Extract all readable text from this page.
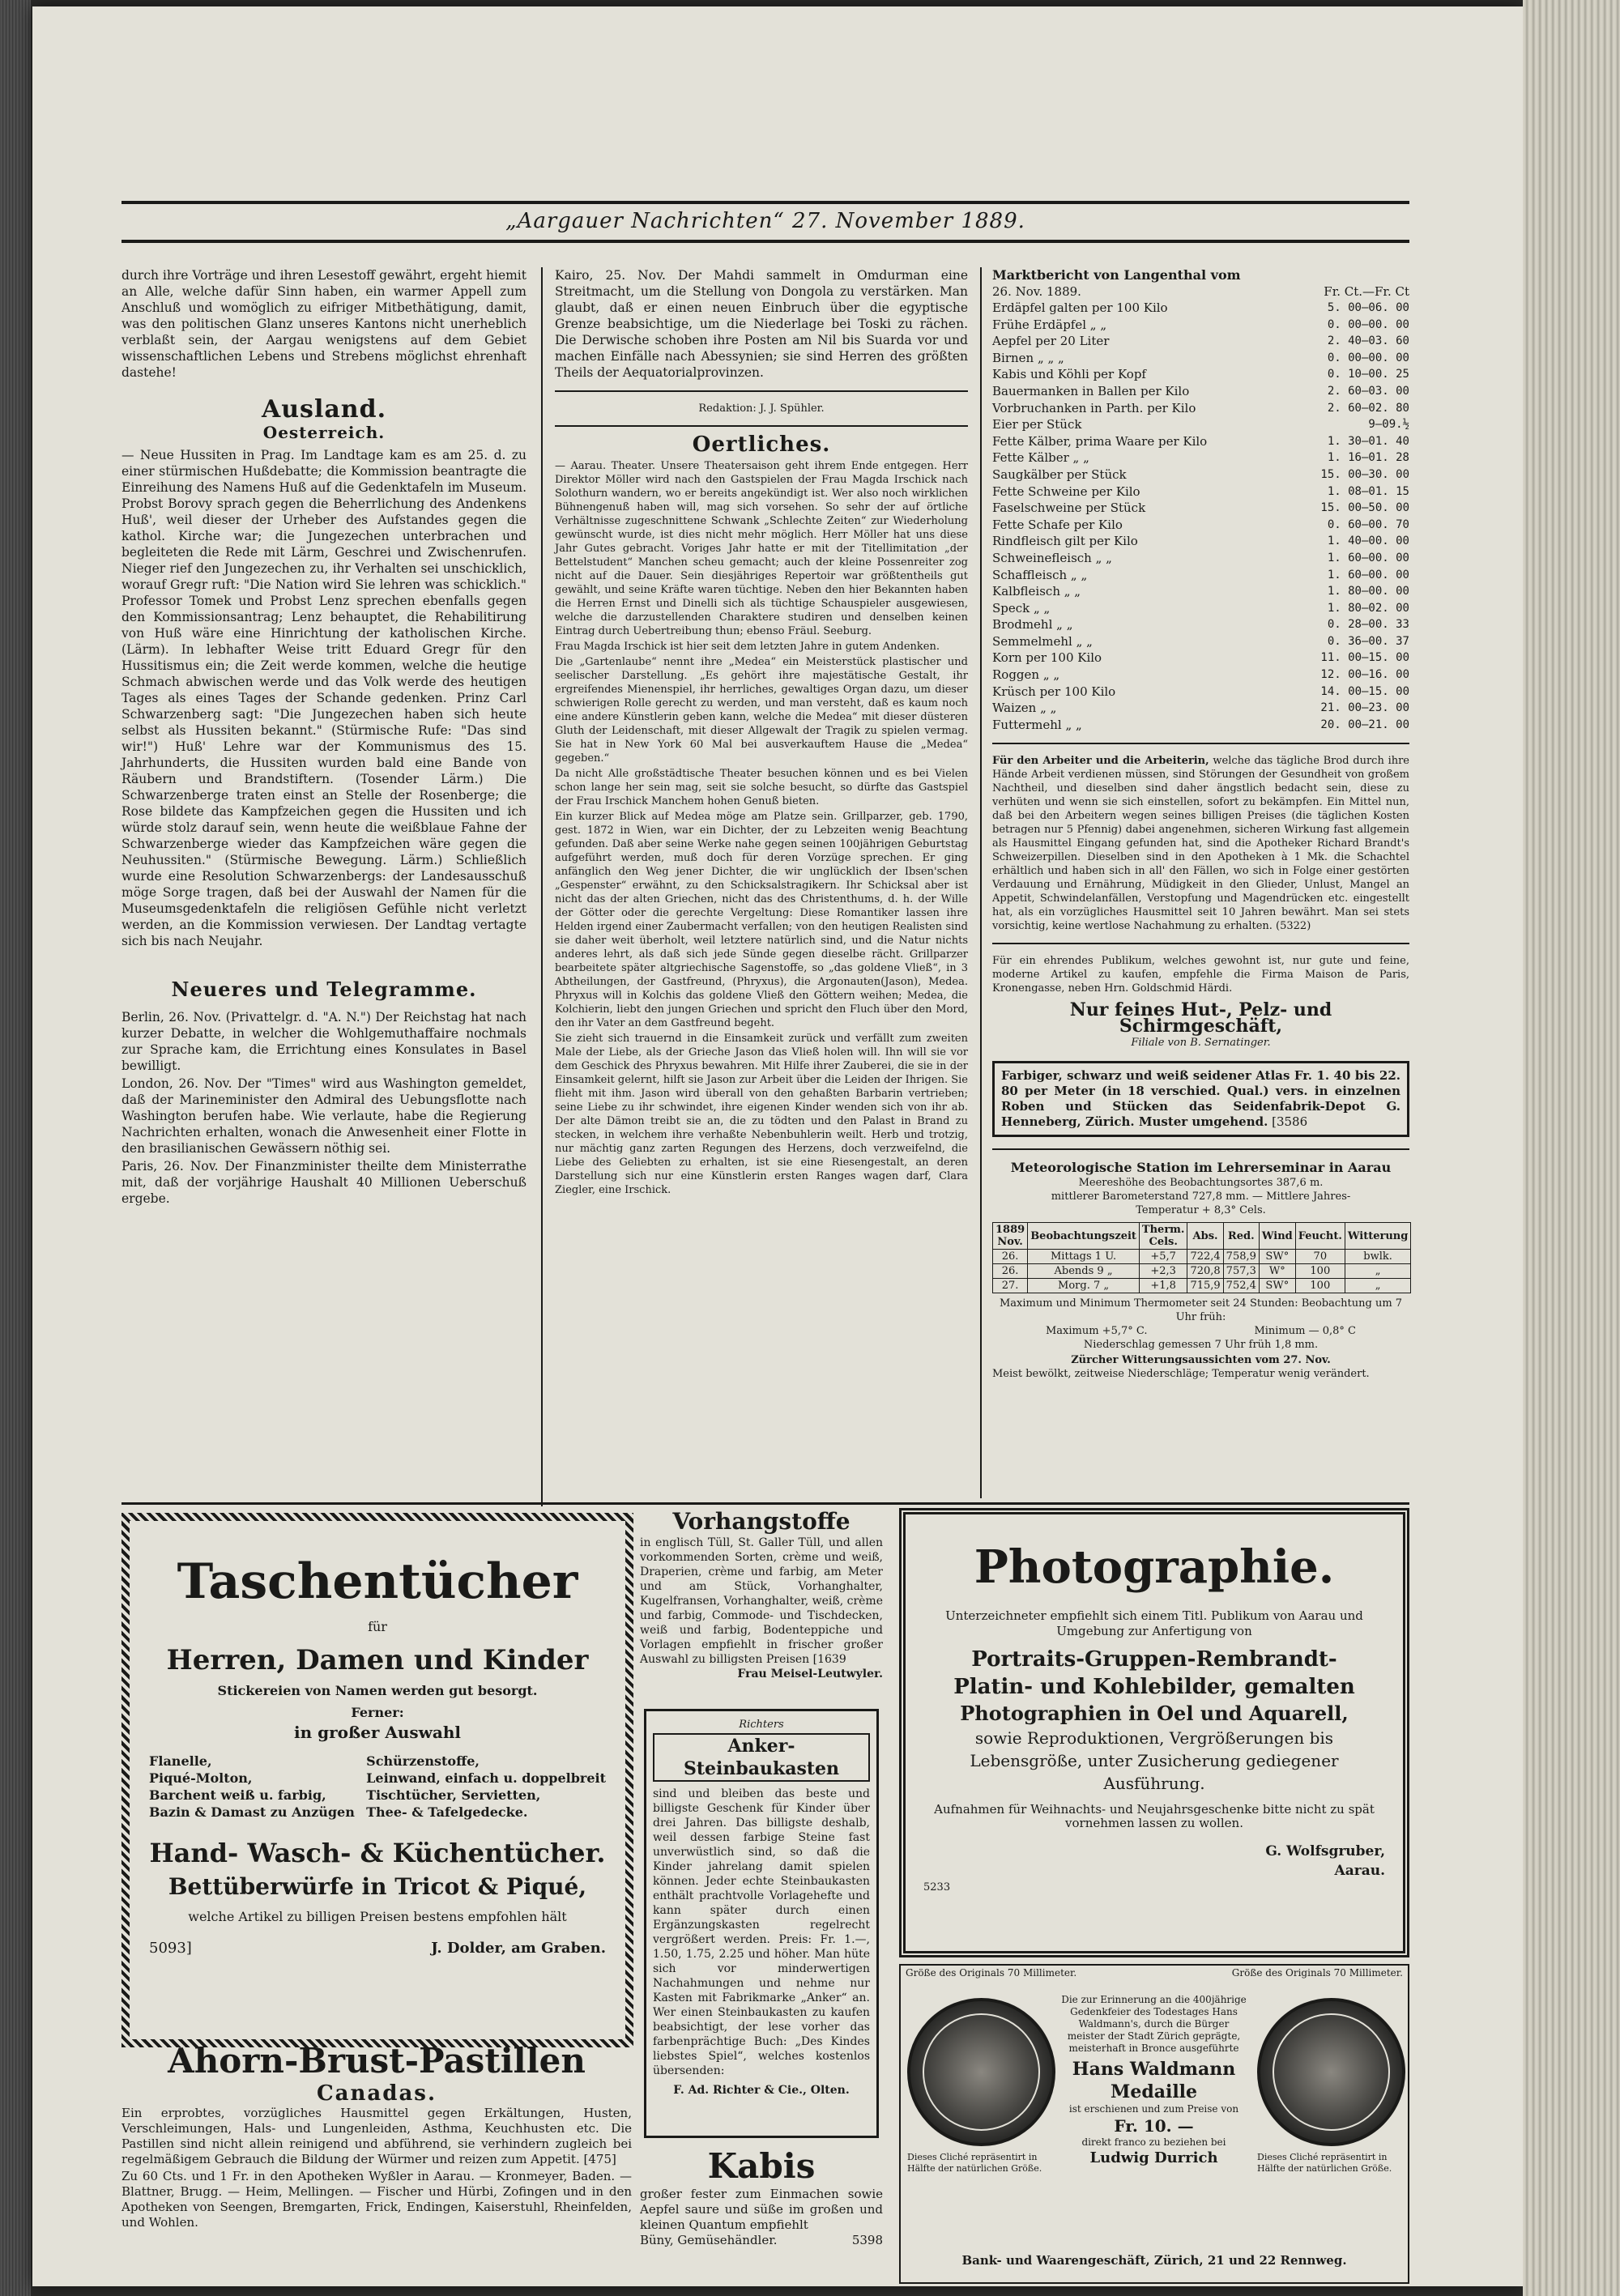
„Aargauer Nachrichten“ 27. November 1889.

durch ihre Vorträge und ihren Lesestoff gewährt, ergeht hiemit an Alle, welche dafür Sinn haben, ein warmer Appell zum Anschluß und womöglich zu eifriger Mitbethätigung, damit, was den politischen Glanz unseres Kantons nicht unerheblich verblaßt sein, der Aargau wenigstens auf dem Gebiet wissenschaftlichen Lebens und Strebens möglichst ehrenhaft dastehe!

Ausland.
Oesterreich.

— Neue Hussiten in Prag. Im Landtage kam es am 25. d. zu einer stürmischen Hußdebatte; die Kommission beantragte die Einreihung des Namens Huß auf die Gedenktafeln im Museum. Probst Borovy sprach gegen die Beherrlichung des Andenkens Huß', weil dieser der Urheber des Aufstandes gegen die kathol. Kirche war; die Jungezechen unterbrachen und begleiteten die Rede mit Lärm, Geschrei und Zwischenrufen. Nieger rief den Jungezechen zu, ihr Verhalten sei unschicklich, worauf Gregr ruft: "Die Nation wird Sie lehren was schicklich." Professor Tomek und Probst Lenz sprechen ebenfalls gegen den Kommissionsantrag; Lenz behauptet, die Rehabilitirung von Huß wäre eine Hinrichtung der katholischen Kirche. (Lärm). In lebhafter Weise tritt Eduard Gregr für den Hussitismus ein; die Zeit werde kommen, welche die heutige Schmach abwischen werde und das Volk werde des heutigen Tages als eines Tages der Schande gedenken. Prinz Carl Schwarzenberg sagt: "Die Jungezechen haben sich heute selbst als Hussiten bekannt." (Stürmische Rufe: "Das sind wir!") Huß' Lehre war der Kommunismus des 15. Jahrhunderts, die Hussiten wurden bald eine Bande von Räubern und Brandstiftern. (Tosender Lärm.) Die Schwarzenberge traten einst an Stelle der Rosenberge; die Rose bildete das Kampfzeichen gegen die Hussiten und ich würde stolz darauf sein, wenn heute die weißblaue Fahne der Schwarzenberge wieder das Kampfzeichen wäre gegen die Neuhussiten." (Stürmische Bewegung. Lärm.) Schließlich wurde eine Resolution Schwarzenbergs: der Landesausschuß möge Sorge tragen, daß bei der Auswahl der Namen für die Museumsgedenktafeln die religiösen Gefühle nicht verletzt werden, an die Kommission verwiesen. Der Landtag vertagte sich bis nach Neujahr.

Neueres und Telegramme.

Berlin, 26. Nov. (Privattelgr. d. "A. N.") Der Reichstag hat nach kurzer Debatte, in welcher die Wohlgemuthaffaire nochmals zur Sprache kam, die Errichtung eines Konsulates in Basel bewilligt.

London, 26. Nov. Der "Times" wird aus Washington gemeldet, daß der Marineminister den Admiral des Uebungsflotte nach Washington berufen habe. Wie verlaute, habe die Regierung Nachrichten erhalten, wonach die Anwesenheit einer Flotte in den brasilianischen Gewässern nöthig sei.

Paris, 26. Nov. Der Finanzminister theilte dem Ministerrathe mit, daß der vorjährige Haushalt 40 Millionen Ueberschuß ergebe.

Kairo, 25. Nov. Der Mahdi sammelt in Omdurman eine Streitmacht, um die Stellung von Dongola zu verstärken. Man glaubt, daß er einen neuen Einbruch über die egyptische Grenze beabsichtige, um die Niederlage bei Toski zu rächen. Die Derwische schoben ihre Posten am Nil bis Suarda vor und machen Einfälle nach Abessynien; sie sind Herren des größten Theils der Aequatorialprovinzen.

Redaktion: J. J. Spühler.
Oertliches.

— Aarau. Theater. Unsere Theatersaison geht ihrem Ende entgegen. Herr Direktor Möller wird nach den Gastspielen der Frau Magda Irschick nach Solothurn wandern, wo er bereits angekündigt ist. Wer also noch wirklichen Bühnengenuß haben will, mag sich vorsehen. So sehr der auf örtliche Verhältnisse zugeschnittene Schwank „Schlechte Zeiten“ zur Wiederholung gewünscht wurde, ist dies nicht mehr möglich. Herr Möller hat uns diese Jahr Gutes gebracht. Voriges Jahr hatte er mit der Titellimitation „der Bettelstudent“ Manchen scheu gemacht; auch der kleine Possenreiter zog nicht auf die Dauer. Sein diesjähriges Repertoir war größtentheils gut gewählt, und seine Kräfte waren tüchtige. Neben den hier Bekannten haben die Herren Ernst und Dinelli sich als tüchtige Schauspieler ausgewiesen, welche die darzustellenden Charaktere studiren und denselben keinen Eintrag durch Uebertreibung thun; ebenso Fräul. Seeburg.

Frau Magda Irschick ist hier seit dem letzten Jahre in gutem Andenken.

Die „Gartenlaube“ nennt ihre „Medea“ ein Meisterstück plastischer und seelischer Darstellung. „Es gehört ihre majestätische Gestalt, ihr ergreifendes Mienenspiel, ihr herrliches, gewaltiges Organ dazu, um dieser schwierigen Rolle gerecht zu werden, und man versteht, daß es kaum noch eine andere Künstlerin geben kann, welche die Medea“ mit dieser düsteren Gluth der Leidenschaft, mit dieser Allgewalt der Tragik zu spielen vermag. Sie hat in New York 60 Mal bei ausverkauftem Hause die „Medea“ gegeben.“

Da nicht Alle großstädtische Theater besuchen können und es bei Vielen schon lange her sein mag, seit sie solche besucht, so dürfte das Gastspiel der Frau Irschick Manchem hohen Genuß bieten.

Ein kurzer Blick auf Medea möge am Platze sein. Grillparzer, geb. 1790, gest. 1872 in Wien, war ein Dichter, der zu Lebzeiten wenig Beachtung gefunden. Daß aber seine Werke nahe gegen seinen 100jährigen Geburtstag aufgeführt werden, muß doch für deren Vorzüge sprechen. Er ging anfänglich den Weg jener Dichter, die wir unglücklich der Ibsen'schen „Gespenster“ erwähnt, zu den Schicksalstragikern. Ihr Schicksal aber ist nicht das der alten Griechen, nicht das des Christenthums, d. h. der Wille der Götter oder die gerechte Vergeltung: Diese Romantiker lassen ihre Helden irgend einer Zaubermacht verfallen; von den heutigen Realisten sind sie daher weit überholt, weil letztere natürlich sind, und die Natur nichts anderes lehrt, als daß sich jede Sünde gegen dieselbe rächt. Grillparzer bearbeitete später altgriechische Sagenstoffe, so „das goldene Vließ“, in 3 Abtheilungen, der Gastfreund, (Phryxus), die Argonauten(Jason), Medea. Phryxus will in Kolchis das goldene Vließ den Göttern weihen; Medea, die Kolchierin, liebt den jungen Griechen und spricht den Fluch über den Mord, den ihr Vater an dem Gastfreund begeht.

Sie zieht sich trauernd in die Einsamkeit zurück und verfällt zum zweiten Male der Liebe, als der Grieche Jason das Vließ holen will. Ihn will sie vor dem Geschick des Phryxus bewahren. Mit Hilfe ihrer Zauberei, die sie in der Einsamkeit gelernt, hilft sie Jason zur Arbeit über die Leiden der Ihrigen. Sie flieht mit ihm. Jason wird überall von den gehaßten Barbarin vertrieben; seine Liebe zu ihr schwindet, ihre eigenen Kinder wenden sich von ihr ab. Der alte Dämon treibt sie an, die zu tödten und den Palast in Brand zu stecken, in welchem ihre verhaßte Nebenbuhlerin weilt. Herb und trotzig, nur mächtig ganz zarten Regungen des Herzens, doch verzweifelnd, die Liebe des Geliebten zu erhalten, ist sie eine Riesengestalt, an deren Darstellung sich nur eine Künstlerin ersten Ranges wagen darf, Clara Ziegler, eine Irschick.

Marktbericht von Langenthal vom
26. Nov. 1889.	Fr. Ct.—Fr. Ct
Erdäpfel galten per 100 Kilo	5. 00—06. 00
Frühe Erdäpfel „ „	0. 00—00. 00
Aepfel per 20 Liter	2. 40—03. 60
Birnen „ „ „	0. 00—00. 00
Kabis und Köhli per Kopf	0. 10—00. 25
Bauermanken in Ballen per Kilo	2. 60—03. 00
Vorbruchanken in Parth. per Kilo	2. 60—02. 80
Eier per Stück	9—09.½
Fette Kälber, prima Waare per Kilo	1. 30—01. 40
Fette Kälber „ „	1. 16—01. 28
Saugkälber per Stück	15. 00—30. 00
Fette Schweine per Kilo	1. 08—01. 15
Faselschweine per Stück	15. 00—50. 00
Fette Schafe per Kilo	0. 60—00. 70
Rindfleisch gilt per Kilo	1. 40—00. 00
Schweinefleisch „ „	1. 60—00. 00
Schaffleisch „ „	1. 60—00. 00
Kalbfleisch „ „	1. 80—00. 00
Speck „ „	1. 80—02. 00
Brodmehl „ „	0. 28—00. 33
Semmelmehl „ „	0. 36—00. 37
Korn per 100 Kilo	11. 00—15. 00
Roggen „ „	12. 00—16. 00
Krüsch per 100 Kilo	14. 00—15. 00
Waizen „ „	21. 00—23. 00
Futtermehl „ „	20. 00—21. 00

Für den Arbeiter und die Arbeiterin, welche das tägliche Brod durch ihre Hände Arbeit verdienen müssen, sind Störungen der Gesundheit von großem Nachtheil, und dieselben sind daher ängstlich bedacht sein, diese zu verhüten und wenn sie sich einstellen, sofort zu bekämpfen. Ein Mittel nun, daß bei den Arbeitern wegen seines billigen Preises (die täglichen Kosten betragen nur 5 Pfennig) dabei angenehmen, sicheren Wirkung fast allgemein als Hausmittel Eingang gefunden hat, sind die Apotheker Richard Brandt's Schweizerpillen. Dieselben sind in den Apotheken à 1 Mk. die Schachtel erhältlich und haben sich in all' den Fällen, wo sich in Folge einer gestörten Verdauung und Ernährung, Müdigkeit in den Glieder, Unlust, Mangel an Appetit, Schwindelanfällen, Verstopfung und Magendrücken etc. eingestellt hat, als ein vorzügliches Hausmittel seit 10 Jahren bewährt. Man sei stets vorsichtig, keine wertlose Nachahmung zu erhalten. (5322)

Für ein ehrendes Publikum, welches gewohnt ist, nur gute und feine, moderne Artikel zu kaufen, empfehle die Firma Maison de Paris, Kronengasse, neben Hrn. Goldschmid Härdi.

Nur feines Hut-, Pelz- und Schirmgeschäft,
Filiale von B. Sernatinger.
Farbiger, schwarz und weiß seidener Atlas Fr. 1. 40 bis 22. 80 per Meter (in 18 verschied. Qual.) vers. in einzelnen Roben und Stücken das Seidenfabrik-Depot G. Henneberg, Zürich. Muster umgehend. [3586
Meteorologische Station im Lehrerseminar in Aarau
Meereshöhe des Beobachtungsortes 387,6 m.
mittlerer Barometerstand 727,8 mm. — Mittlere Jahres-
Temperatur + 8,3° Cels.
1889 Nov.	Beobachtungszeit	Therm. Cels.	Abs.	Red.	Wind	Feucht.	Witterung
26.	Mittags 1 U.	+5,7	722,4	758,9	SW°	70	bwlk.
26.	Abends 9 „	+2,3	720,8	757,3	W°	100	„
27.	Morg. 7 „	+1,8	715,9	752,4	SW°	100	„
Maximum und Minimum Thermometer seit 24 Stunden: Beobachtung um 7 Uhr früh:
Maximum +5,7° C.	Minimum — 0,8° C
Niederschlag gemessen 7 Uhr früh 1,8 mm.
Zürcher Witterungsaussichten vom 27. Nov.
Meist bewölkt, zeitweise Niederschläge; Temperatur wenig verändert.
Taschentücher
für
Herren, Damen und Kinder
Stickereien von Namen werden gut besorgt.
Ferner:
in großer Auswahl
Flanelle,
Piqué-Molton,
Barchent weiß u. farbig,
Bazin & Damast zu Anzügen
Schürzenstoffe,
Leinwand, einfach u. doppelbreit
Tischtücher, Servietten,
Thee- & Tafelgedecke.
Hand- Wasch- & Küchentücher.
Bettüberwürfe in Tricot & Piqué,
welche Artikel zu billigen Preisen bestens empfohlen hält
5093]	J. Dolder, am Graben.
Ahorn-Brust-Pastillen
Canadas.
Ein erprobtes, vorzügliches Hausmittel gegen Erkältungen, Husten, Verschleimungen, Hals- und Lungenleiden, Asthma, Keuchhusten etc. Die Pastillen sind nicht allein reinigend und abführend, sie verhindern zugleich bei regelmäßigem Gebrauch die Bildung der Würmer und reizen zum Appetit. [475]
Zu 60 Cts. und 1 Fr. in den Apotheken Wyßler in Aarau. — Kronmeyer, Baden. — Blattner, Brugg. — Heim, Mellingen. — Fischer und Hürbi, Zofingen und in den Apotheken von Seengen, Bremgarten, Frick, Endingen, Kaiserstuhl, Rheinfelden, und Wohlen.
Vorhangstoffe
in englisch Tüll, St. Galler Tüll, und allen vorkommenden Sorten, crème und weiß, Draperien, crème und farbig, am Meter und am Stück, Vorhanghalter, Kugelfransen, Vorhanghalter, weiß, crème und farbig, Commode- und Tischdecken, weiß und farbig, Bodenteppiche und Vorlagen empfiehlt in frischer großer Auswahl zu billigsten Preisen [1639
Frau Meisel-Leutwyler.
Richters
Anker-Steinbaukasten
sind und bleiben das beste und billigste Geschenk für Kinder über drei Jahren. Das billigste deshalb, weil dessen farbige Steine fast unverwüstlich sind, so daß die Kinder jahrelang damit spielen können. Jeder echte Steinbaukasten enthält prachtvolle Vorlagehefte und kann später durch einen Ergänzungskasten regelrecht vergrößert werden. Preis: Fr. 1.—, 1.50, 1.75, 2.25 und höher. Man hüte sich vor minderwertigen Nachahmungen und nehme nur Kasten mit Fabrikmarke „Anker“ an. Wer einen Steinbaukasten zu kaufen beabsichtigt, der lese vorher das farbenprächtige Buch: „Des Kindes liebstes Spiel“, welches kostenlos übersenden:
F. Ad. Richter & Cie., Olten.
Kabis
großer fester zum Einmachen sowie Aepfel saure und süße im großen und kleinen Quantum empfiehlt
Büny, Gemüsehändler.	5398
Photographie.
Unterzeichneter empfiehlt sich einem Titl. Publikum von Aarau und Umgebung zur Anfertigung von
Portraits-Gruppen-Rembrandt-
Platin- und Kohlebilder, gemalten
Photographien in Oel und Aquarell,
sowie Reproduktionen, Vergrößerungen bis Lebensgröße, unter Zusicherung gediegener Ausführung.
Aufnahmen für Weihnachts- und Neujahrsgeschenke bitte nicht zu spät vornehmen lassen zu wollen.
G. Wolfsgruber,
Aarau.
5233
Größe des Originals 70 Millimeter.	Größe des Originals 70 Millimeter.
Die zur Erinnerung an die 400jährige Gedenkfeier des Todestages Hans Waldmann's, durch die Bürger meister der Stadt Zürich geprägte, meisterhaft in Bronce ausgeführte
Hans Waldmann
Medaille
ist erschienen und zum Preise von
Fr. 10. —
direkt franco zu beziehen bei
Ludwig Durrich
Dieses Cliché repräsentirt in Hälfte der natürlichen Größe.
Dieses Cliché repräsentirt in Hälfte der natürlichen Größe.
Bank- und Waarengeschäft, Zürich, 21 und 22 Rennweg.
